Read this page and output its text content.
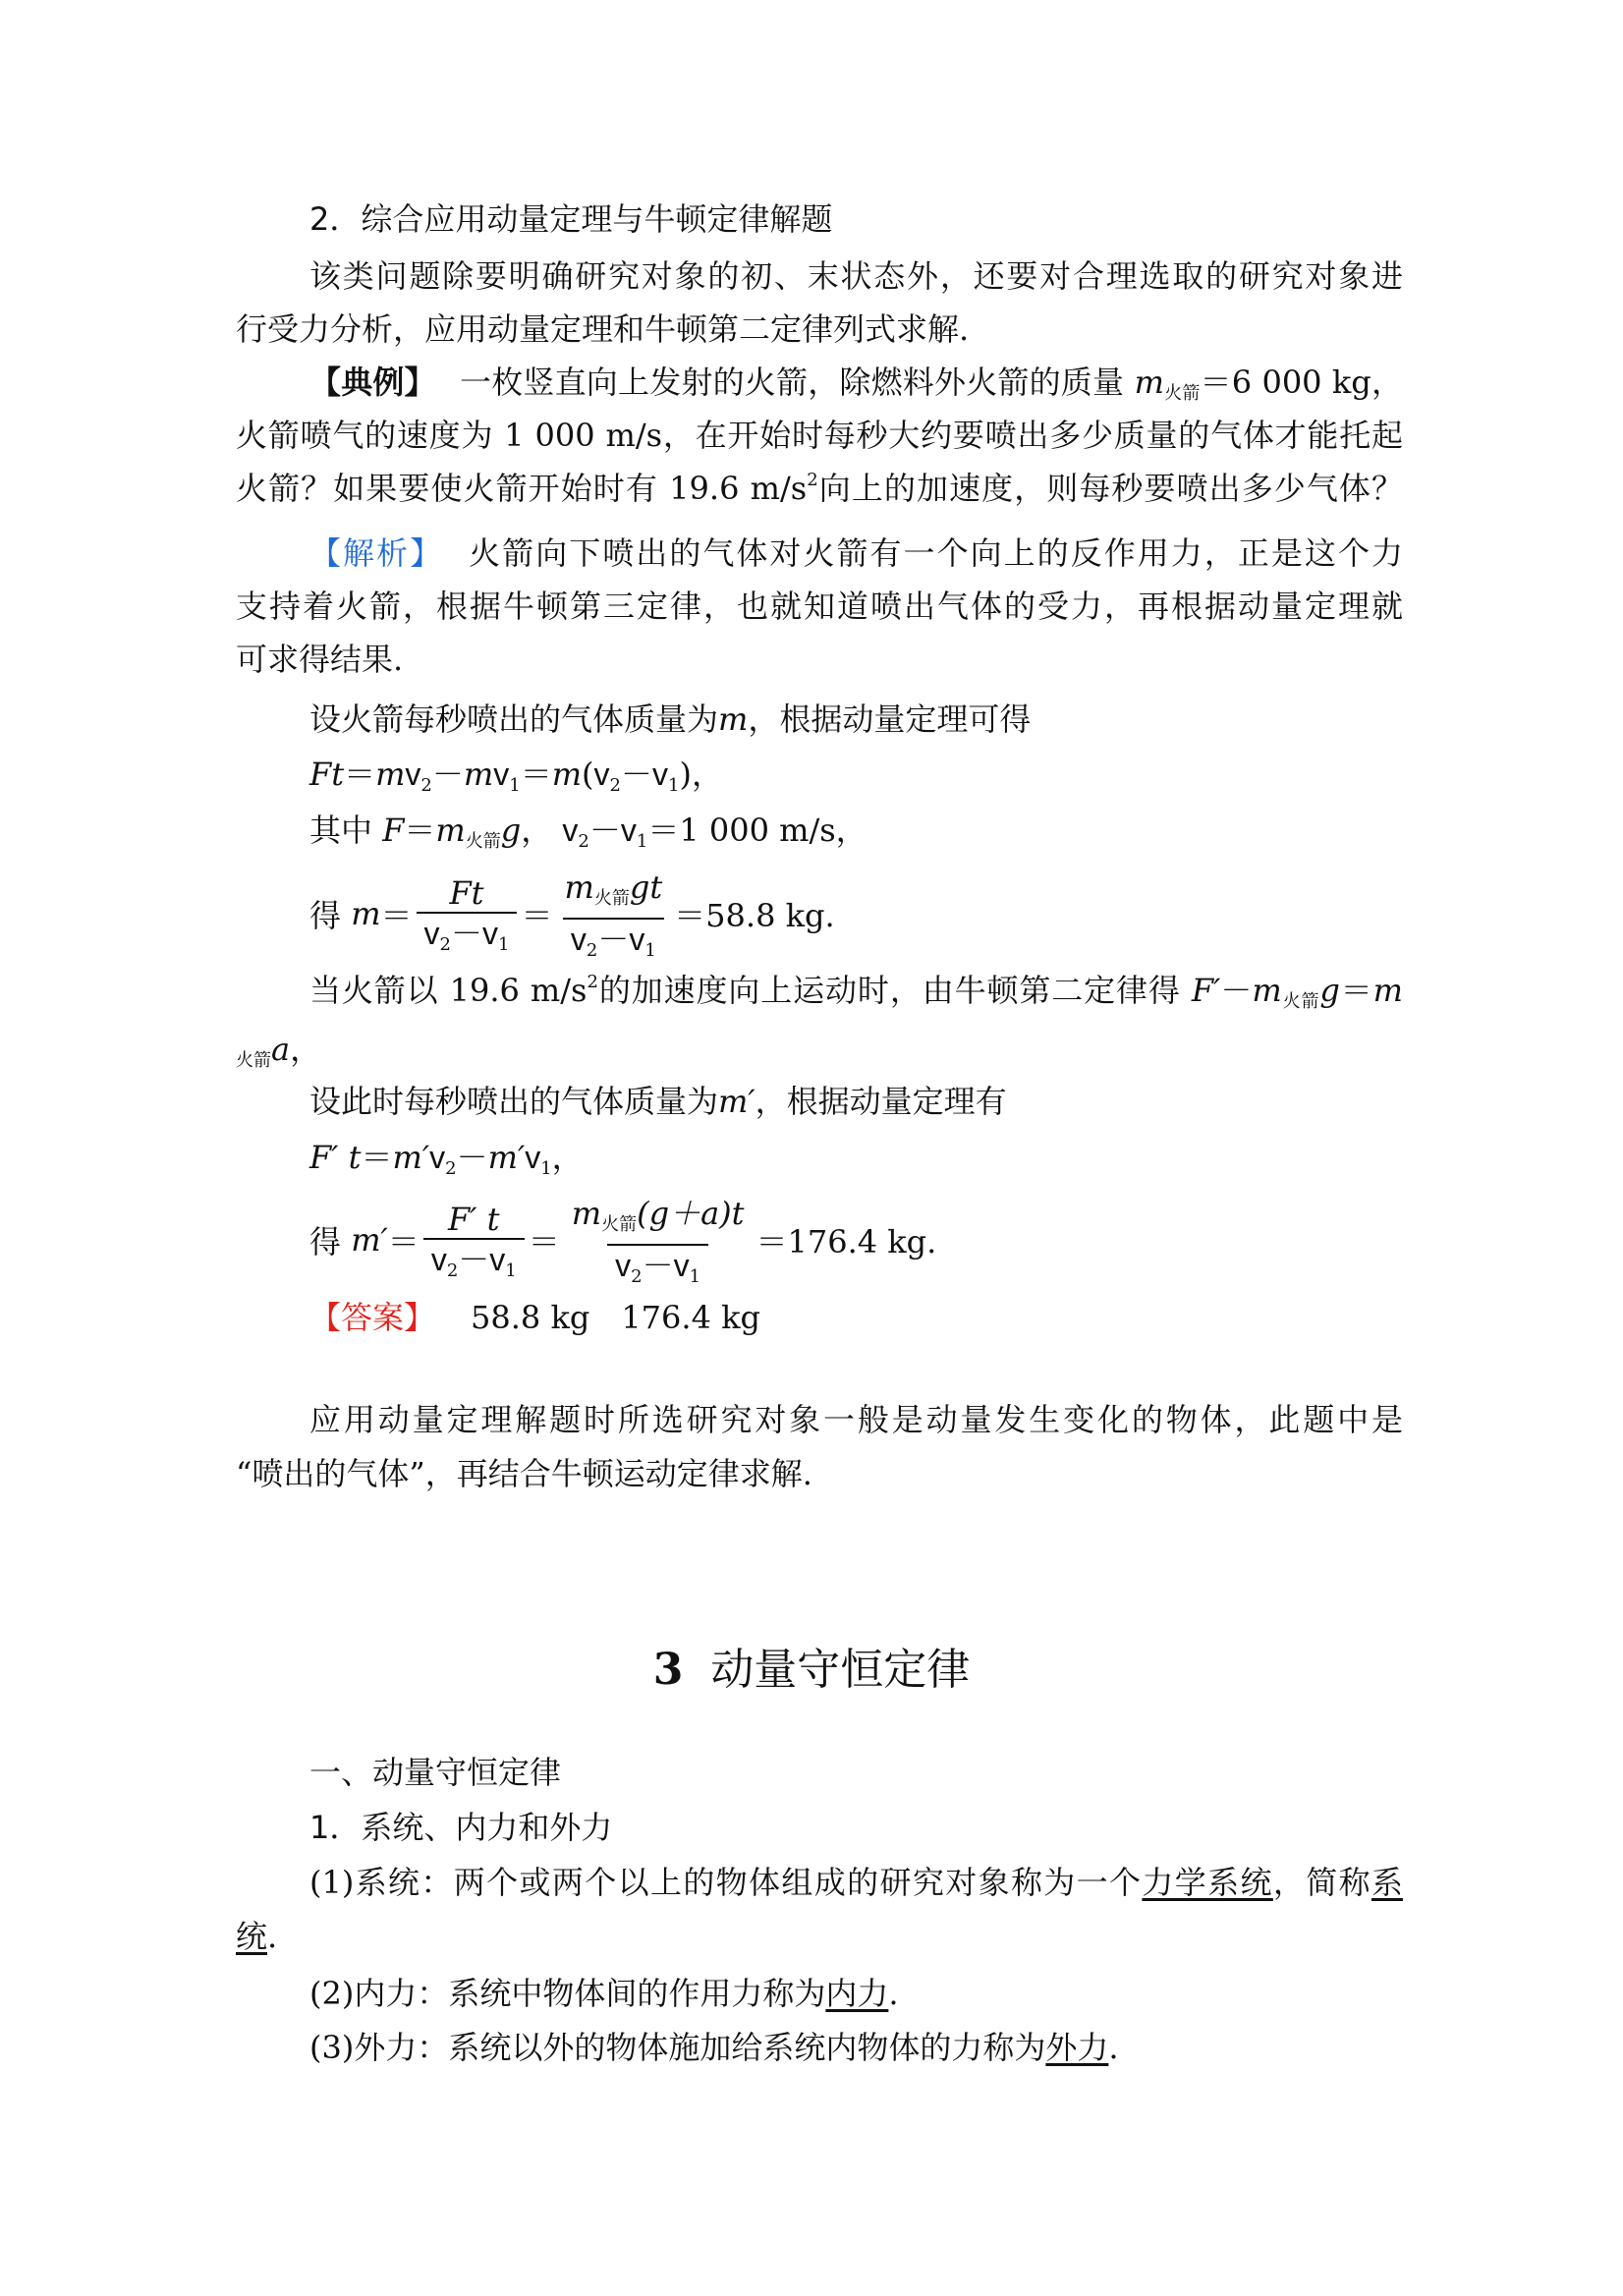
2．综合应用动量定理与牛顿定律解题
该类问题除要明确研究对象的初、末状态外，还要对合理选取的研究对象进
行受力分析，应用动量定理和牛顿第二定律列式求解.
【典例】 一枚竖直向上发射的火箭，除燃料外火箭的质量 m火箭＝6 000 kg，
火箭喷气的速度为 1 000 m/s，在开始时每秒大约要喷出多少质量的气体才能托起
火箭？如果要使火箭开始时有 19.6 $m/s^2$向上的加速度，则每秒要喷出多少气体？
【解析】 火箭向下喷出的气体对火箭有一个向上的反作用力，正是这个力
支持着火箭，根据牛顿第三定律，也就知道喷出气体的受力，再根据动量定理就
可求得结果.
设火箭每秒喷出的气体质量为m，根据动量定理可得
$Ft=mv_2-mv_1=m(v_2-v_1)$，
其中 F＝m火箭g， $v_2-v_1=1$ 000 m/s，
得 $m= \frac{Ft}{v_2-v_1} = \frac{\text{m火箭gt}}{v_2-v_1} =58.8$ kg.
当火箭以 19.6 $m/s^2$的加速度向上运动时，由牛顿第二定律得 F′－m火箭g＝m
火箭a，
设此时每秒喷出的气体质量为m′，根据动量定理有
F′ $t=m'v_2-m'v_1$，
得 $m'= \frac{F' t}{v_2-v_1} = \frac{\text{m火箭(g＋a)t}}{v_2-v_1} =176.4$ kg.
【答案】 58.8 kg 176.4 kg
应用动量定理解题时所选研究对象一般是动量发生变化的物体，此题中是
“喷出的气体”，再结合牛顿运动定律求解.
3 动量守恒定律
一、动量守恒定律
1．系统、内力和外力
(1)系统：两个或两个以上的物体组成的研究对象称为一个力学系统，简称系
统.
(2)内力：系统中物体间的作用力称为内力.
(3)外力：系统以外的物体施加给系统内物体的力称为外力.
